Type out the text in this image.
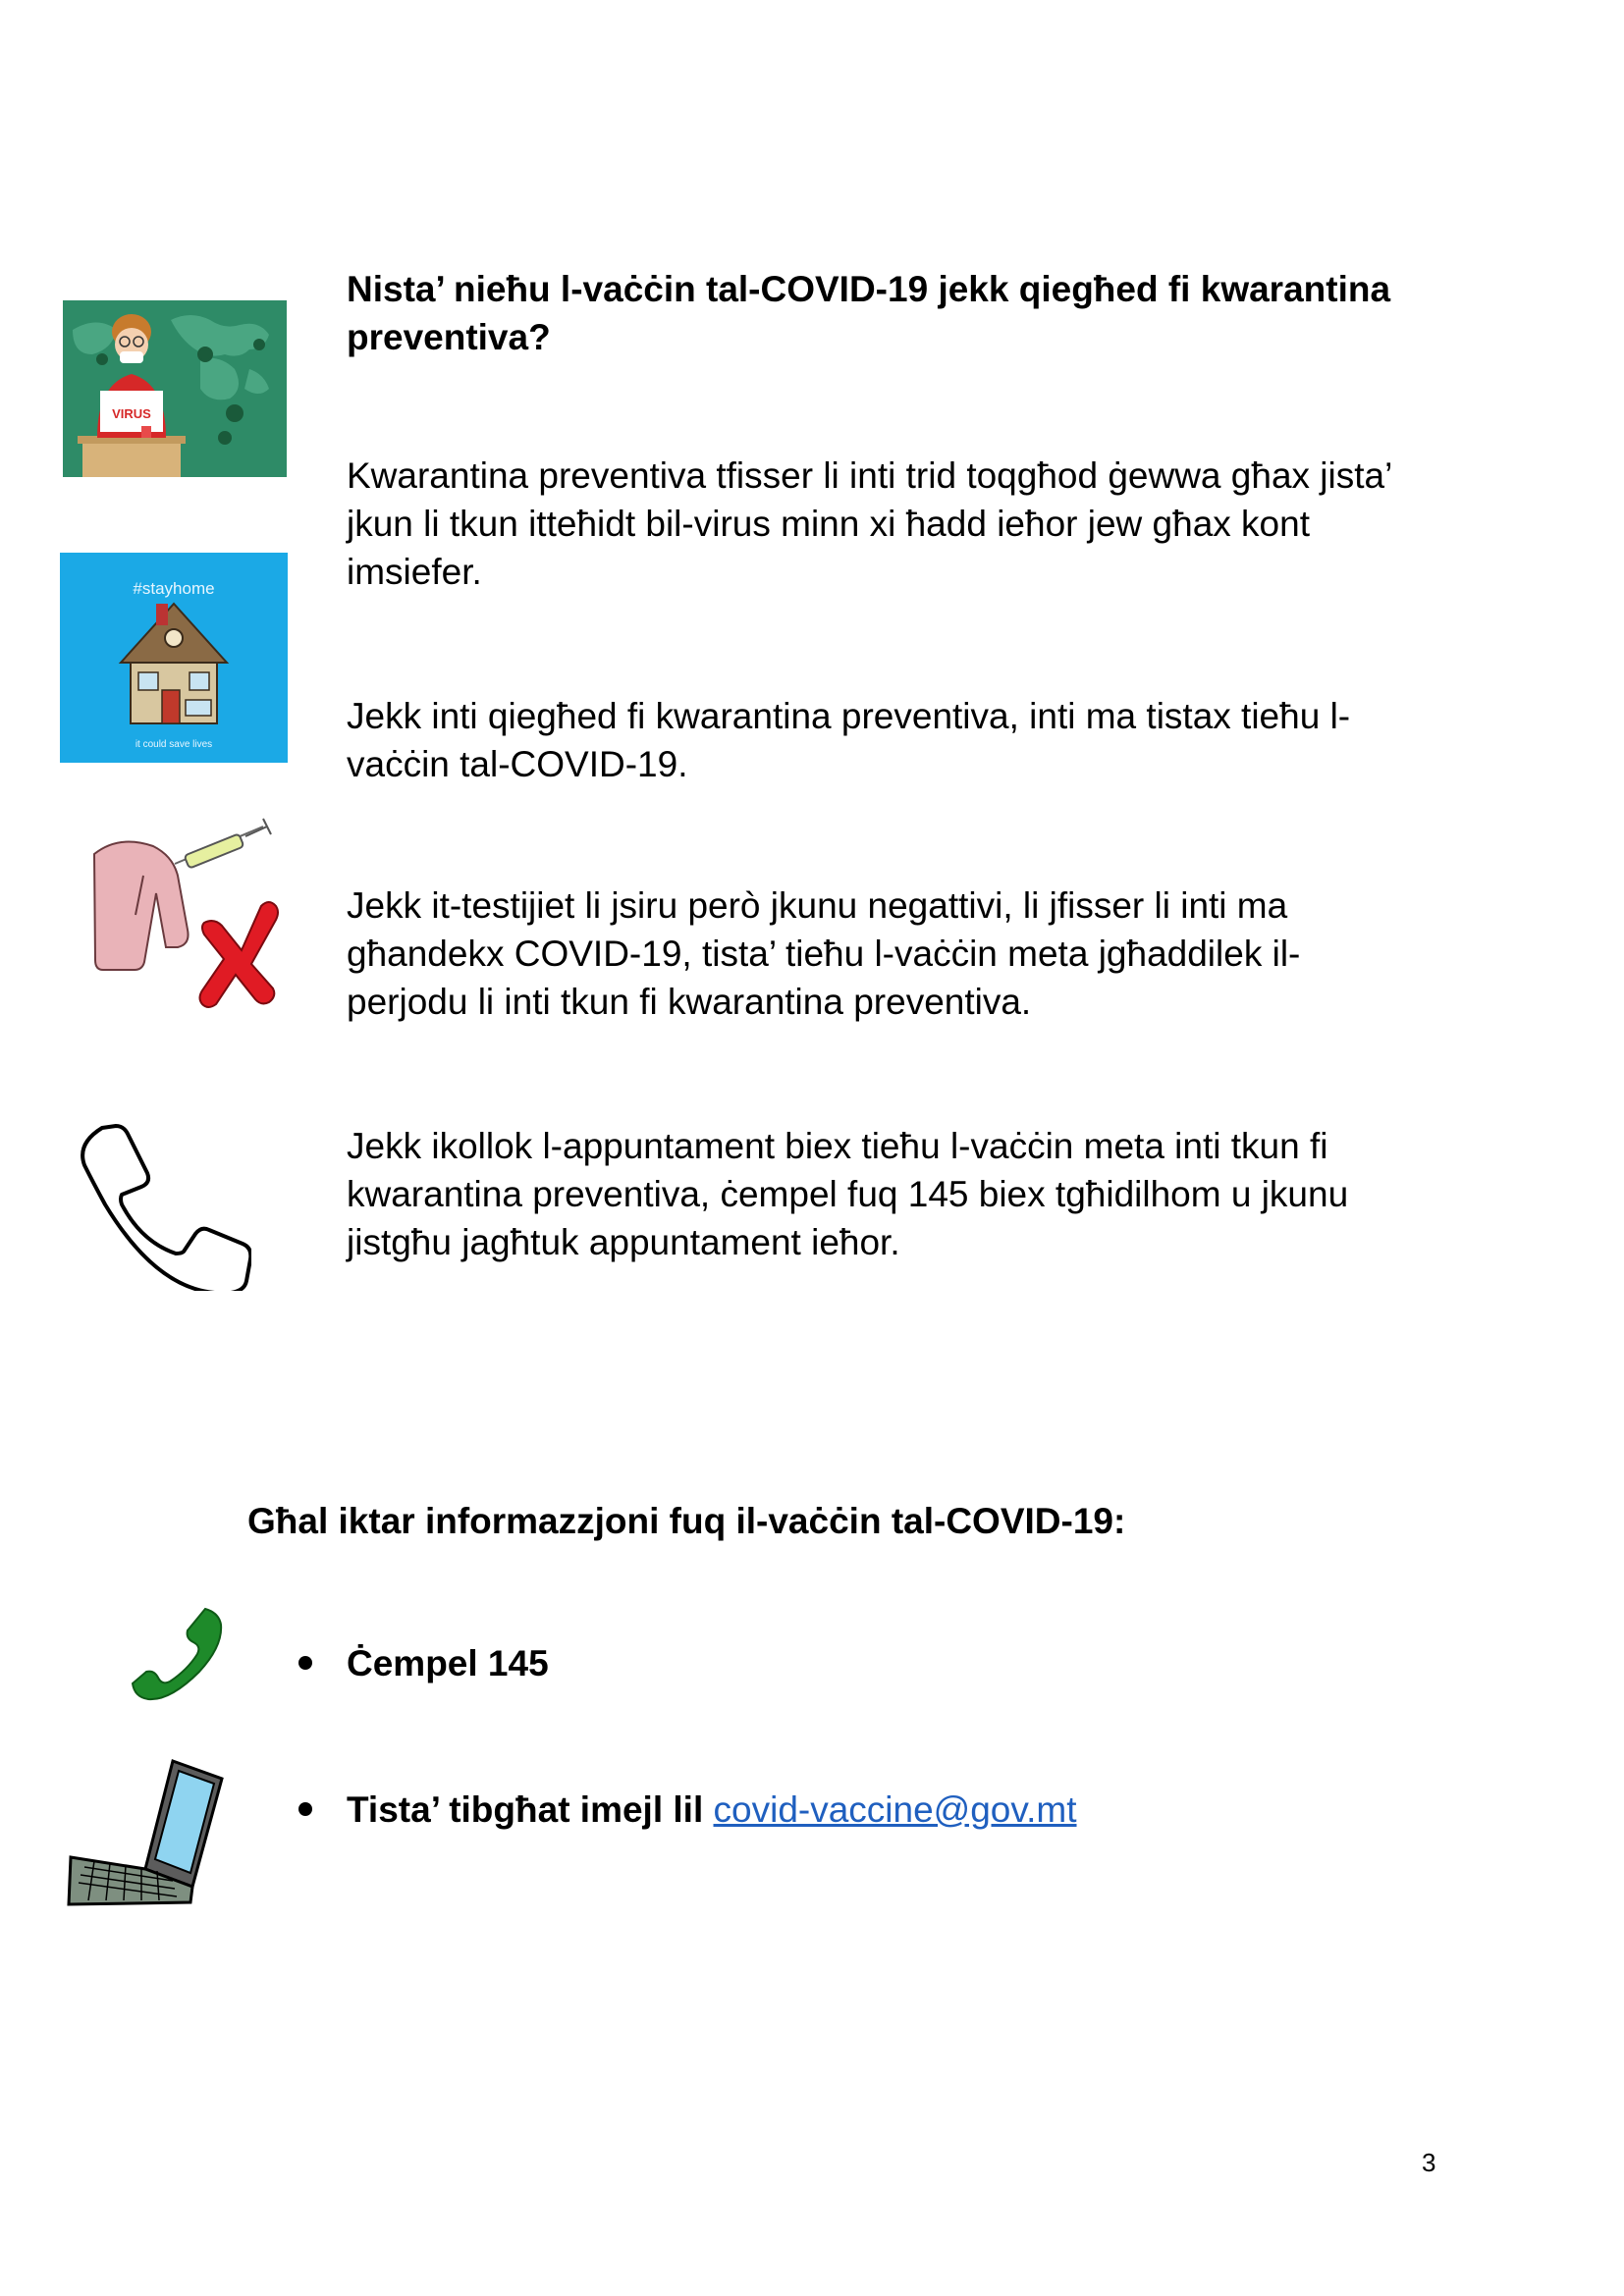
VIRUS
#stayhome
it could save lives
Nista’ nieħu l-vaċċin tal-COVID-19 jekk qiegħed fi kwarantina preventiva?
Kwarantina preventiva tfisser li inti trid toqgħod ġewwa għax jista’ jkun li tkun itteħidt bil-virus minn xi ħadd ieħor jew għax kont imsiefer.
Jekk inti qiegħed fi kwarantina preventiva, inti ma tistax tieħu l-vaċċin tal-COVID-19.
Jekk it-testijiet li jsiru però jkunu negattivi, li jfisser li inti ma għandekx COVID-19, tista’ tieħu l-vaċċin meta jgħaddilek il-perjodu li inti tkun fi kwarantina preventiva.
Jekk ikollok l-appuntament biex tieħu l-vaċċin meta inti tkun fi kwarantina preventiva, ċempel fuq 145 biex tgħidilhom u jkunu jistgħu jagħtuk appuntament ieħor.
Għal iktar informazzjoni fuq il-vaċċin tal-COVID-19:
Ċempel 145
Tista’ tibgħat imejl lil covid-vaccine@gov.mt
3
